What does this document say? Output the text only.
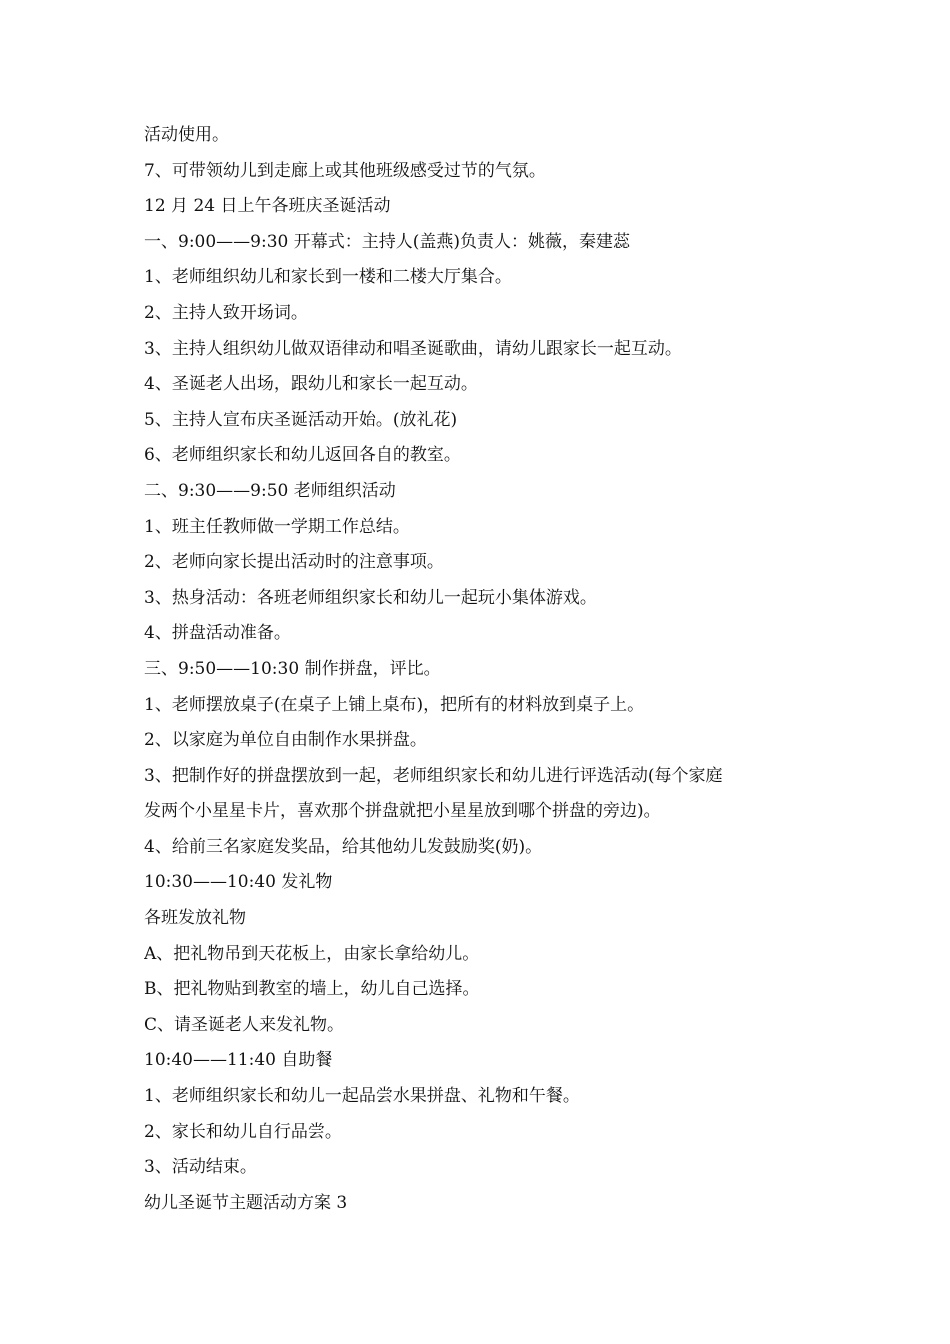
活动使用。
7、可带领幼儿到走廊上或其他班级感受过节的气氛。
12 月 24 日上午各班庆圣诞活动
一、9:00——9:30 开幕式：主持人(盖燕)负责人：姚薇，秦建蕊
1、老师组织幼儿和家长到一楼和二楼大厅集合。
2、主持人致开场词。
3、主持人组织幼儿做双语律动和唱圣诞歌曲，请幼儿跟家长一起互动。
4、圣诞老人出场，跟幼儿和家长一起互动。
5、主持人宣布庆圣诞活动开始。(放礼花)
6、老师组织家长和幼儿返回各自的教室。
二、9:30——9:50 老师组织活动
1、班主任教师做一学期工作总结。
2、老师向家长提出活动时的注意事项。
3、热身活动：各班老师组织家长和幼儿一起玩小集体游戏。
4、拼盘活动准备。
三、9:50——10:30 制作拼盘，评比。
1、老师摆放桌子(在桌子上铺上桌布)，把所有的材料放到桌子上。
2、以家庭为单位自由制作水果拼盘。
3、把制作好的拼盘摆放到一起，老师组织家长和幼儿进行评选活动(每个家庭
发两个小星星卡片，喜欢那个拼盘就把小星星放到哪个拼盘的旁边)。
4、给前三名家庭发奖品，给其他幼儿发鼓励奖(奶)。
10:30——10:40 发礼物
各班发放礼物
A、把礼物吊到天花板上，由家长拿给幼儿。
B、把礼物贴到教室的墙上，幼儿自己选择。
C、请圣诞老人来发礼物。
10:40——11:40 自助餐
1、老师组织家长和幼儿一起品尝水果拼盘、礼物和午餐。
2、家长和幼儿自行品尝。
3、活动结束。
幼儿圣诞节主题活动方案 3
